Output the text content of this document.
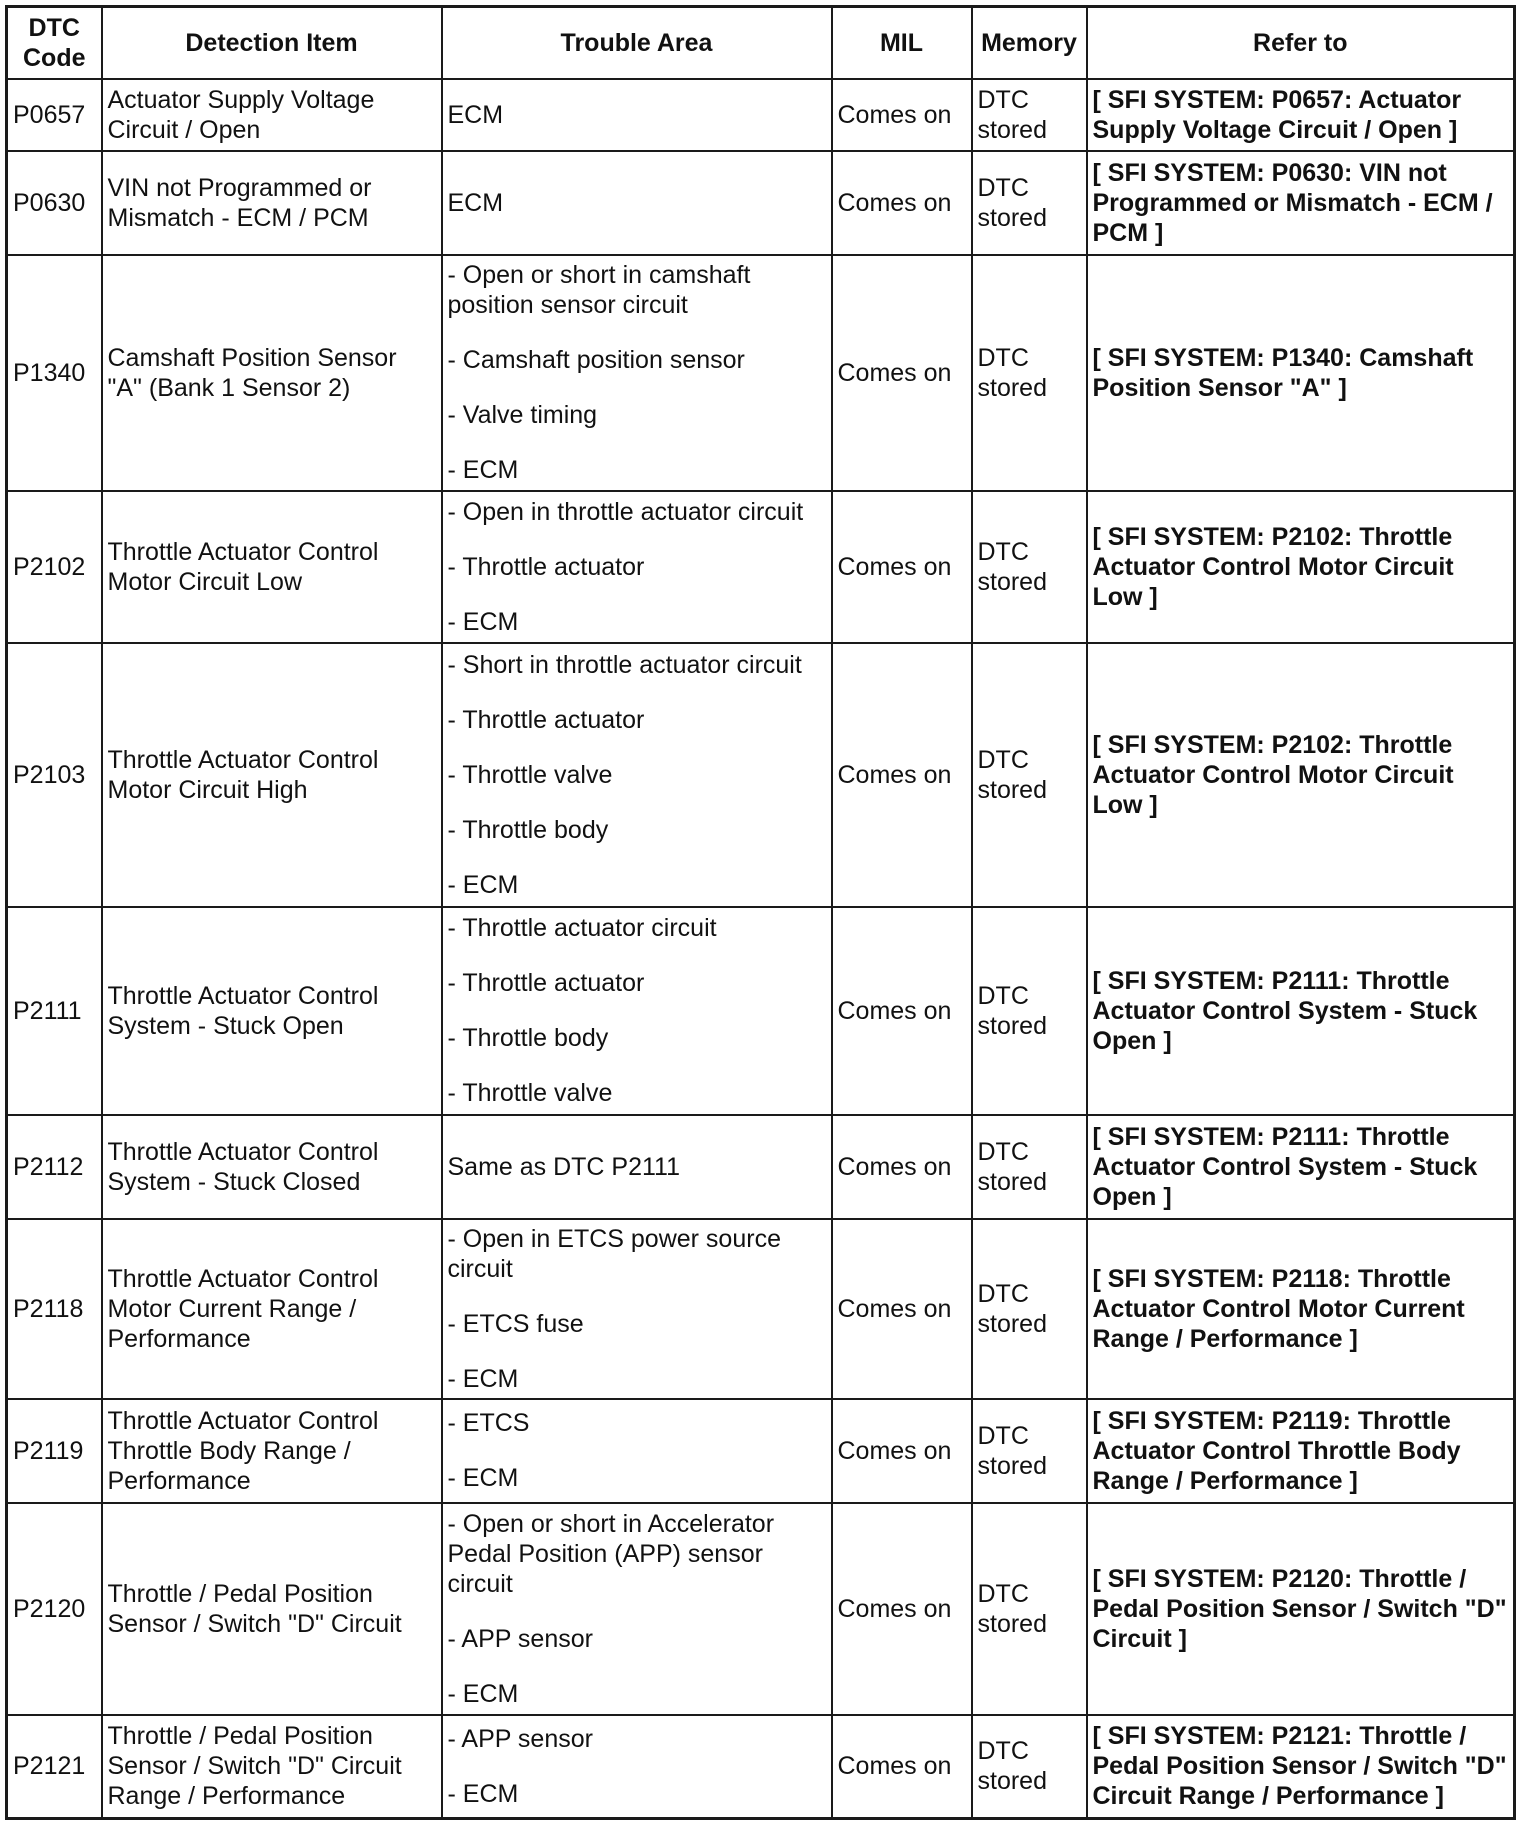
DTC Code	Detection Item	Trouble Area	MIL	Memory	Refer to
P0657	Actuator Supply Voltage Circuit / Open	ECM	Comes on	DTC stored	[ SFI SYSTEM: P0657: Actuator Supply Voltage Circuit / Open ]
P0630	VIN not Programmed or Mismatch - ECM / PCM	ECM	Comes on	DTC stored	[ SFI SYSTEM: P0630: VIN not Programmed or Mismatch - ECM / PCM ]
P1340	Camshaft Position Sensor "A" (Bank 1 Sensor 2)	- Open or short in camshaft position sensor circuit
- Camshaft position sensor
- Valve timing
- ECM	Comes on	DTC stored	[ SFI SYSTEM: P1340: Camshaft Position Sensor "A" ]
P2102	Throttle Actuator Control Motor Circuit Low	- Open in throttle actuator circuit
- Throttle actuator
- ECM	Comes on	DTC stored	[ SFI SYSTEM: P2102: Throttle Actuator Control Motor Circuit Low ]
P2103	Throttle Actuator Control Motor Circuit High	- Short in throttle actuator circuit
- Throttle actuator
- Throttle valve
- Throttle body
- ECM	Comes on	DTC stored	[ SFI SYSTEM: P2102: Throttle Actuator Control Motor Circuit Low ]
P2111	Throttle Actuator Control System - Stuck Open	- Throttle actuator circuit
- Throttle actuator
- Throttle body
- Throttle valve	Comes on	DTC stored	[ SFI SYSTEM: P2111: Throttle Actuator Control System - Stuck Open ]
P2112	Throttle Actuator Control System - Stuck Closed	Same as DTC P2111	Comes on	DTC stored	[ SFI SYSTEM: P2111: Throttle Actuator Control System - Stuck Open ]
P2118	Throttle Actuator Control Motor Current Range / Performance	- Open in ETCS power source circuit
- ETCS fuse
- ECM	Comes on	DTC stored	[ SFI SYSTEM: P2118: Throttle Actuator Control Motor Current Range / Performance ]
P2119	Throttle Actuator Control Throttle Body Range / Performance	- ETCS
- ECM	Comes on	DTC stored	[ SFI SYSTEM: P2119: Throttle Actuator Control Throttle Body Range / Performance ]
P2120	Throttle / Pedal Position Sensor / Switch "D" Circuit	- Open or short in Accelerator Pedal Position (APP) sensor circuit
- APP sensor
- ECM	Comes on	DTC stored	[ SFI SYSTEM: P2120: Throttle / Pedal Position Sensor / Switch "D" Circuit ]
P2121	Throttle / Pedal Position Sensor / Switch "D" Circuit Range / Performance	- APP sensor
- ECM	Comes on	DTC stored	[ SFI SYSTEM: P2121: Throttle / Pedal Position Sensor / Switch "D" Circuit Range / Performance ]
